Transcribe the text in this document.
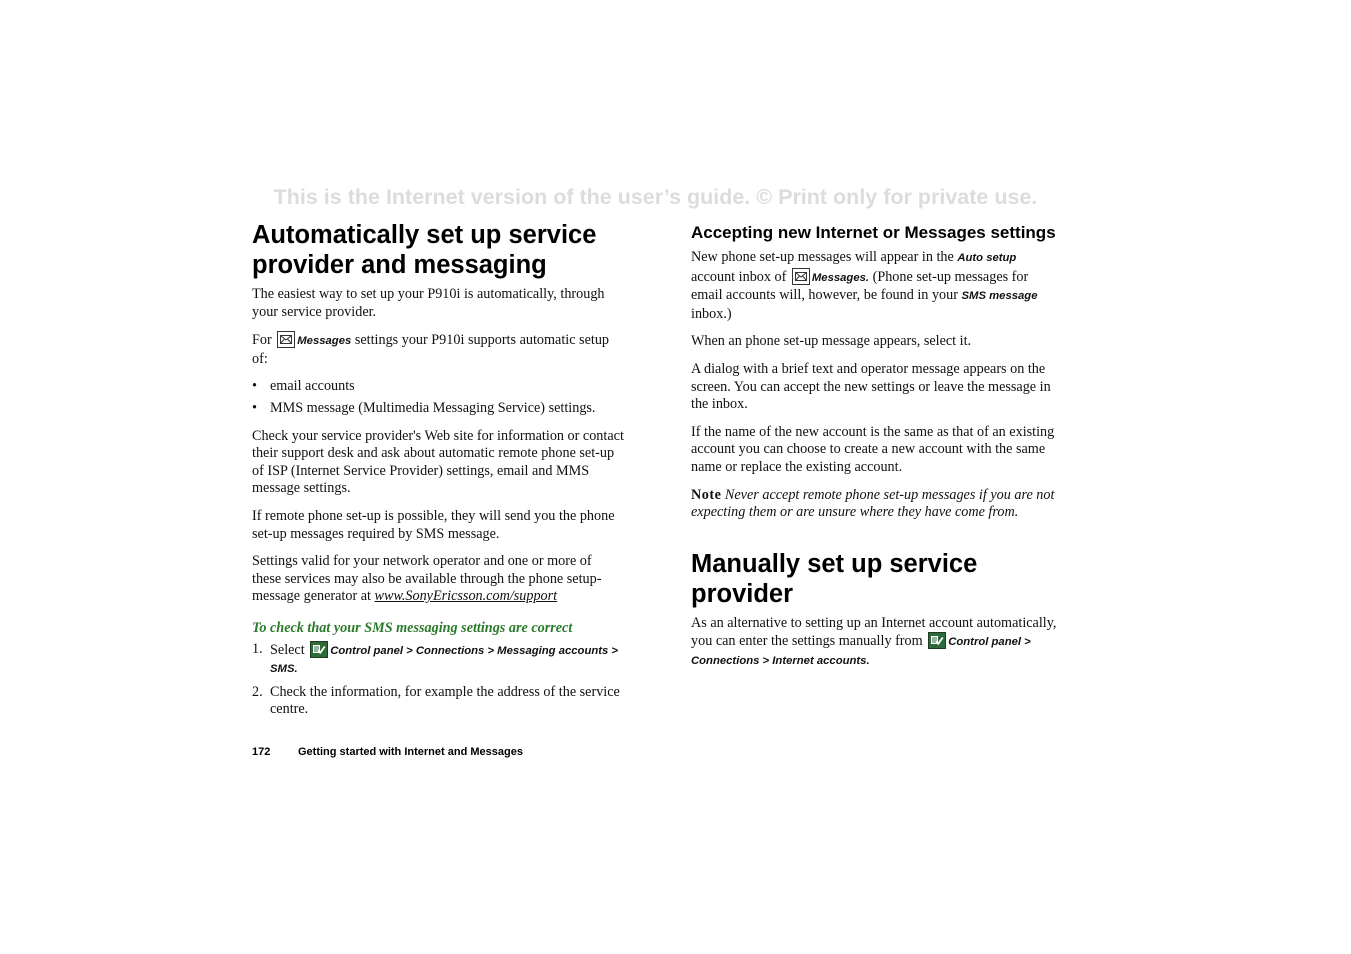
This is the Internet version of the user’s guide. © Print only for private use.
Automatically set up service provider and messaging

The easiest way to set up your P910i is automatically, through your service provider.

For
Messages settings your P910i supports automatic setup of:

• email accounts
• MMS message (Multimedia Messaging Service) settings.

Check your service provider's Web site for information or contact their support desk and ask about automatic remote phone set-up of ISP (Internet Service Provider) settings, email and MMS message settings.

If remote phone set-up is possible, they will send you the phone set-up messages required by SMS message.

Settings valid for your network operator and one or more of these services may also be available through the phone setup-message generator at www.SonyEricsson.com/support

To check that your SMS messaging settings are correct
1. Select
Control panel > Connections > Messaging accounts > SMS.
2. Check the information, for example the address of the service centre.
Accepting new Internet or Messages settings

New phone set-up messages will appear in the Auto setup account inbox of
Messages. (Phone set-up messages for email accounts will, however, be found in your SMS message inbox.)

When an phone set-up message appears, select it.

A dialog with a brief text and operator message appears on the screen. You can accept the new settings or leave the message in the inbox.

If the name of the new account is the same as that of an existing account you can choose to create a new account with the same name or replace the existing account.

Note Never accept remote phone set-up messages if you are not expecting them or are unsure where they have come from.

Manually set up service provider

As an alternative to setting up an Internet account automatically, you can enter the settings manually from
Control panel > Connections > Internet accounts.

172	Getting started with Internet and Messages
